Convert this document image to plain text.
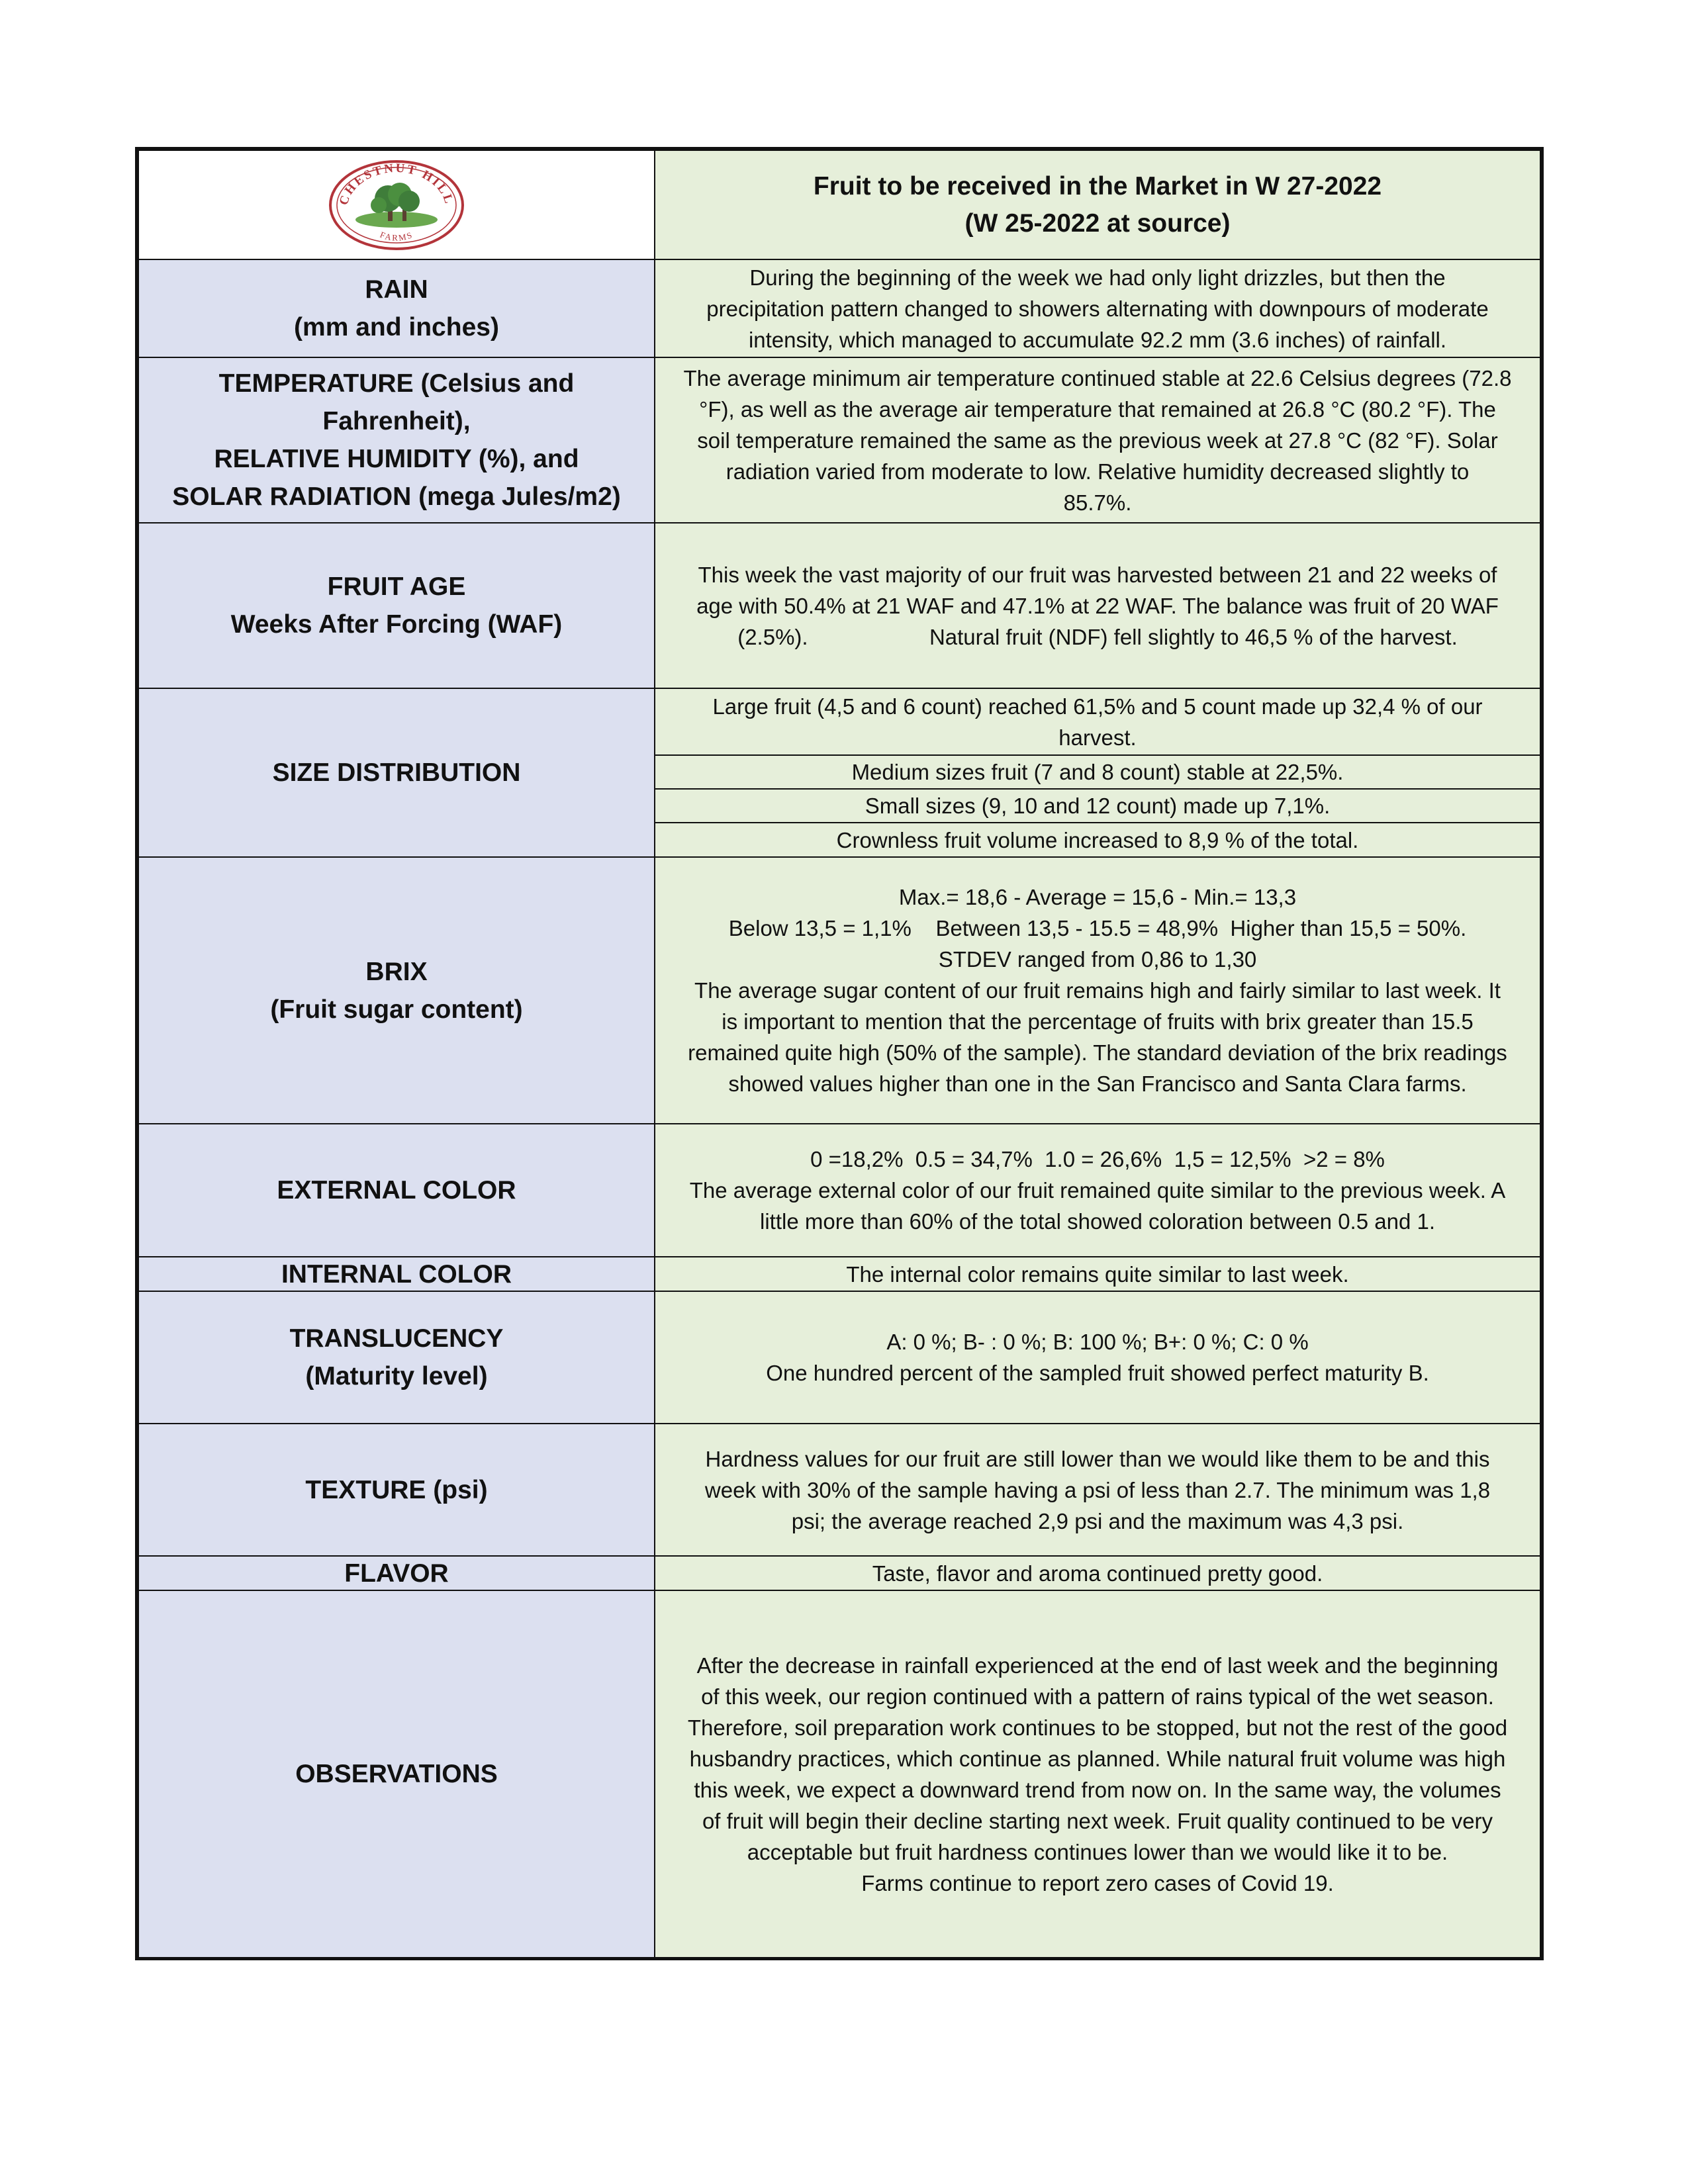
CHESTNUT HILL
FARMS
Fruit to be received in the Market in W 27-2022
(W 25-2022 at source)
RAIN
(mm and inches)
During the beginning of the week we had only light drizzles, but then the
precipitation pattern changed to showers alternating with downpours of moderate
intensity, which managed to accumulate 92.2 mm (3.6 inches) of rainfall.
TEMPERATURE (Celsius and Fahrenheit),
RELATIVE HUMIDITY (%), and
SOLAR RADIATION (mega Jules/m2)
The average minimum air temperature continued stable at 22.6 Celsius degrees (72.8
°F), as well as the average air temperature that remained at 26.8 °C (80.2 °F). The
soil temperature remained the same as the previous week at 27.8 °C (82 °F). Solar
radiation varied from moderate to low. Relative humidity decreased slightly to
85.7%.
FRUIT AGE
Weeks After Forcing (WAF)
This week the vast majority of our fruit was harvested between 21 and 22 weeks of
age with 50.4% at 21 WAF and 47.1% at 22 WAF. The balance was fruit of 20 WAF
(2.5%).                    Natural fruit (NDF) fell slightly to 46,5 % of the harvest.
SIZE DISTRIBUTION
Large fruit (4,5 and 6 count) reached 61,5% and 5 count made up 32,4 % of our
harvest.
Medium sizes fruit (7 and 8 count) stable at 22,5%.
Small sizes (9, 10 and 12 count) made up 7,1%.
Crownless fruit volume increased to 8,9 % of the total.
BRIX
(Fruit sugar content)
Max.= 18,6 - Average = 15,6 - Min.= 13,3
Below 13,5 = 1,1%    Between 13,5 - 15.5 = 48,9%  Higher than 15,5 = 50%.
STDEV ranged from 0,86 to 1,30
The average sugar content of our fruit remains high and fairly similar to last week. It
is important to mention that the percentage of fruits with brix greater than 15.5
remained quite high (50% of the sample). The standard deviation of the brix readings
showed values higher than one in the San Francisco and Santa Clara farms.
EXTERNAL COLOR
0 =18,2%  0.5 = 34,7%  1.0 = 26,6%  1,5 = 12,5%  >2 = 8%
The average external color of our fruit remained quite similar to the previous week. A
little more than 60% of the total showed coloration between 0.5 and 1.
INTERNAL COLOR	The internal color remains quite similar to last week.
TRANSLUCENCY
(Maturity level)
A: 0 %; B- : 0 %; B: 100 %; B+: 0 %; C: 0 %
One hundred percent of the sampled fruit showed perfect maturity B.
TEXTURE (psi)
Hardness values for our fruit are still lower than we would like them to be and this
week with 30% of the sample having a psi of less than 2.7. The minimum was 1,8
psi; the average reached 2,9 psi and the maximum was 4,3 psi.
FLAVOR	Taste, flavor and aroma continued pretty good.
OBSERVATIONS
After the decrease in rainfall experienced at the end of last week and the beginning
of this week, our region continued with a pattern of rains typical of the wet season.
Therefore, soil preparation work continues to be stopped, but not the rest of the good
husbandry practices, which continue as planned. While natural fruit volume was high
this week, we expect a downward trend from now on. In the same way, the volumes
of fruit will begin their decline starting next week. Fruit quality continued to be very
acceptable but fruit hardness continues lower than we would like it to be.
Farms continue to report zero cases of Covid 19.
